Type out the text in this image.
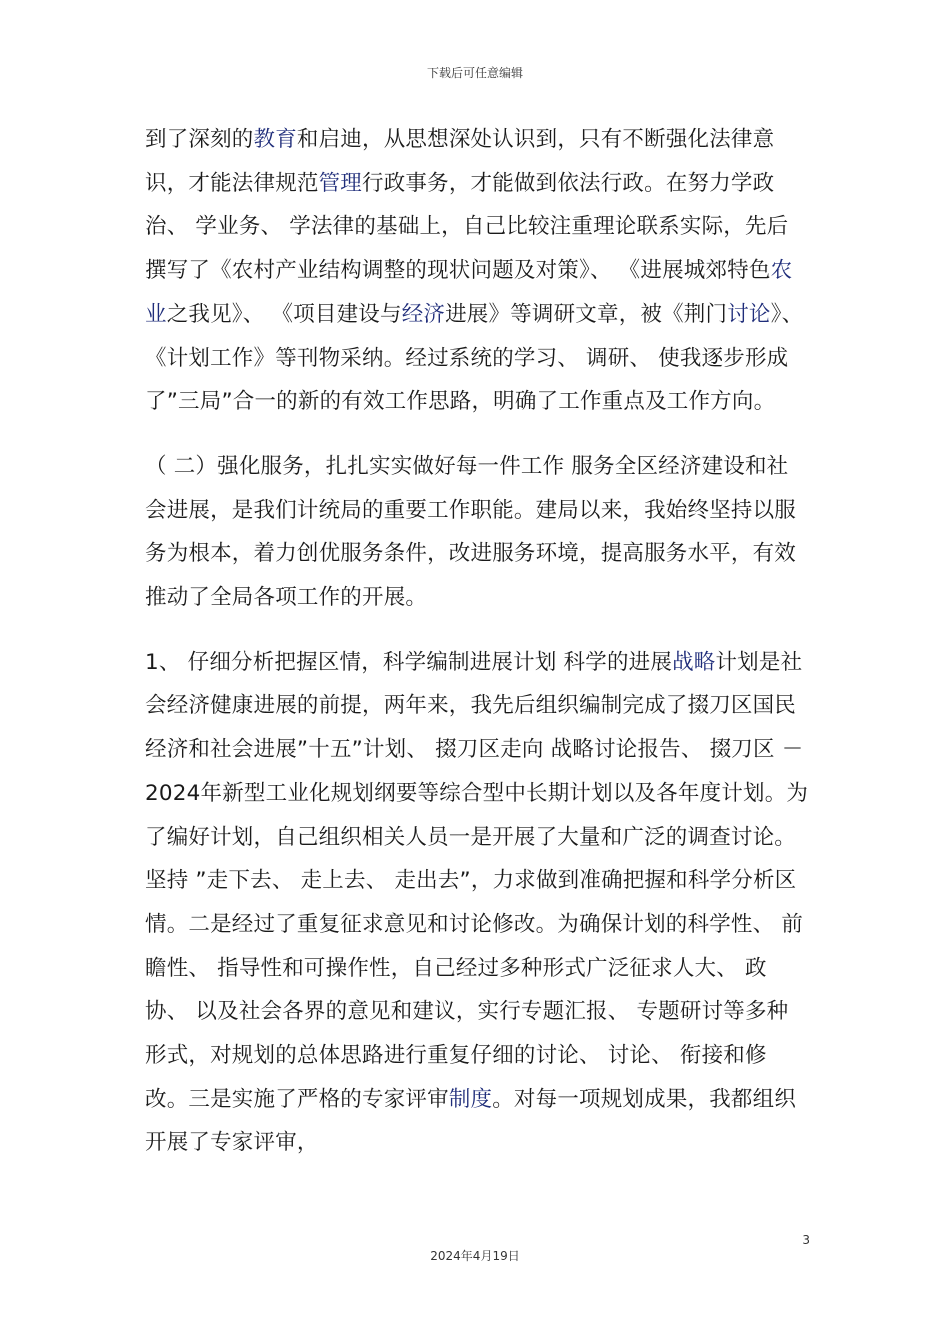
下载后可任意编辑

到了深刻的教育和启迪，从思想深处认识到，只有不断强化法律意识，才能法律规范管理行政事务，才能做到依法行政。在努力学政治、 学业务、 学法律的基础上，自己比较注重理论联系实际，先后撰写了《农村产业结构调整的现状问题及对策》、 《进展城郊特色农业之我见》、 《项目建设与经济进展》等调研文章，被《荆门讨论》、 《计划工作》等刊物采纳。经过系统的学习、 调研、 使我逐步形成了”三局”合一的新的有效工作思路，明确了工作重点及工作方向。

（ 二）强化服务，扎扎实实做好每一件工作 服务全区经济建设和社会进展，是我们计统局的重要工作职能。建局以来，我始终坚持以服务为根本，着力创优服务条件，改进服务环境，提高服务水平，有效推动了全局各项工作的开展。

1、 仔细分析把握区情，科学编制进展计划 科学的进展战略计划是社会经济健康进展的前提，两年来，我先后组织编制完成了掇刀区国民经济和社会进展”十五”计划、 掇刀区走向 战略讨论报告、 掇刀区 －2024年新型工业化规划纲要等综合型中长期计划以及各年度计划。为了编好计划，自己组织相关人员一是开展了大量和广泛的调查讨论。坚持 ”走下去、 走上去、 走出去”，力求做到准确把握和科学分析区情。二是经过了重复征求意见和讨论修改。为确保计划的科学性、 前瞻性、 指导性和可操作性，自己经过多种形式广泛征求人大、 政协、 以及社会各界的意见和建议，实行专题汇报、 专题研讨等多种形式，对规划的总体思路进行重复仔细的讨论、 讨论、 衔接和修改。三是实施了严格的专家评审制度。对每一项规划成果，我都组织开展了专家评审，

3
2024年4月19日
